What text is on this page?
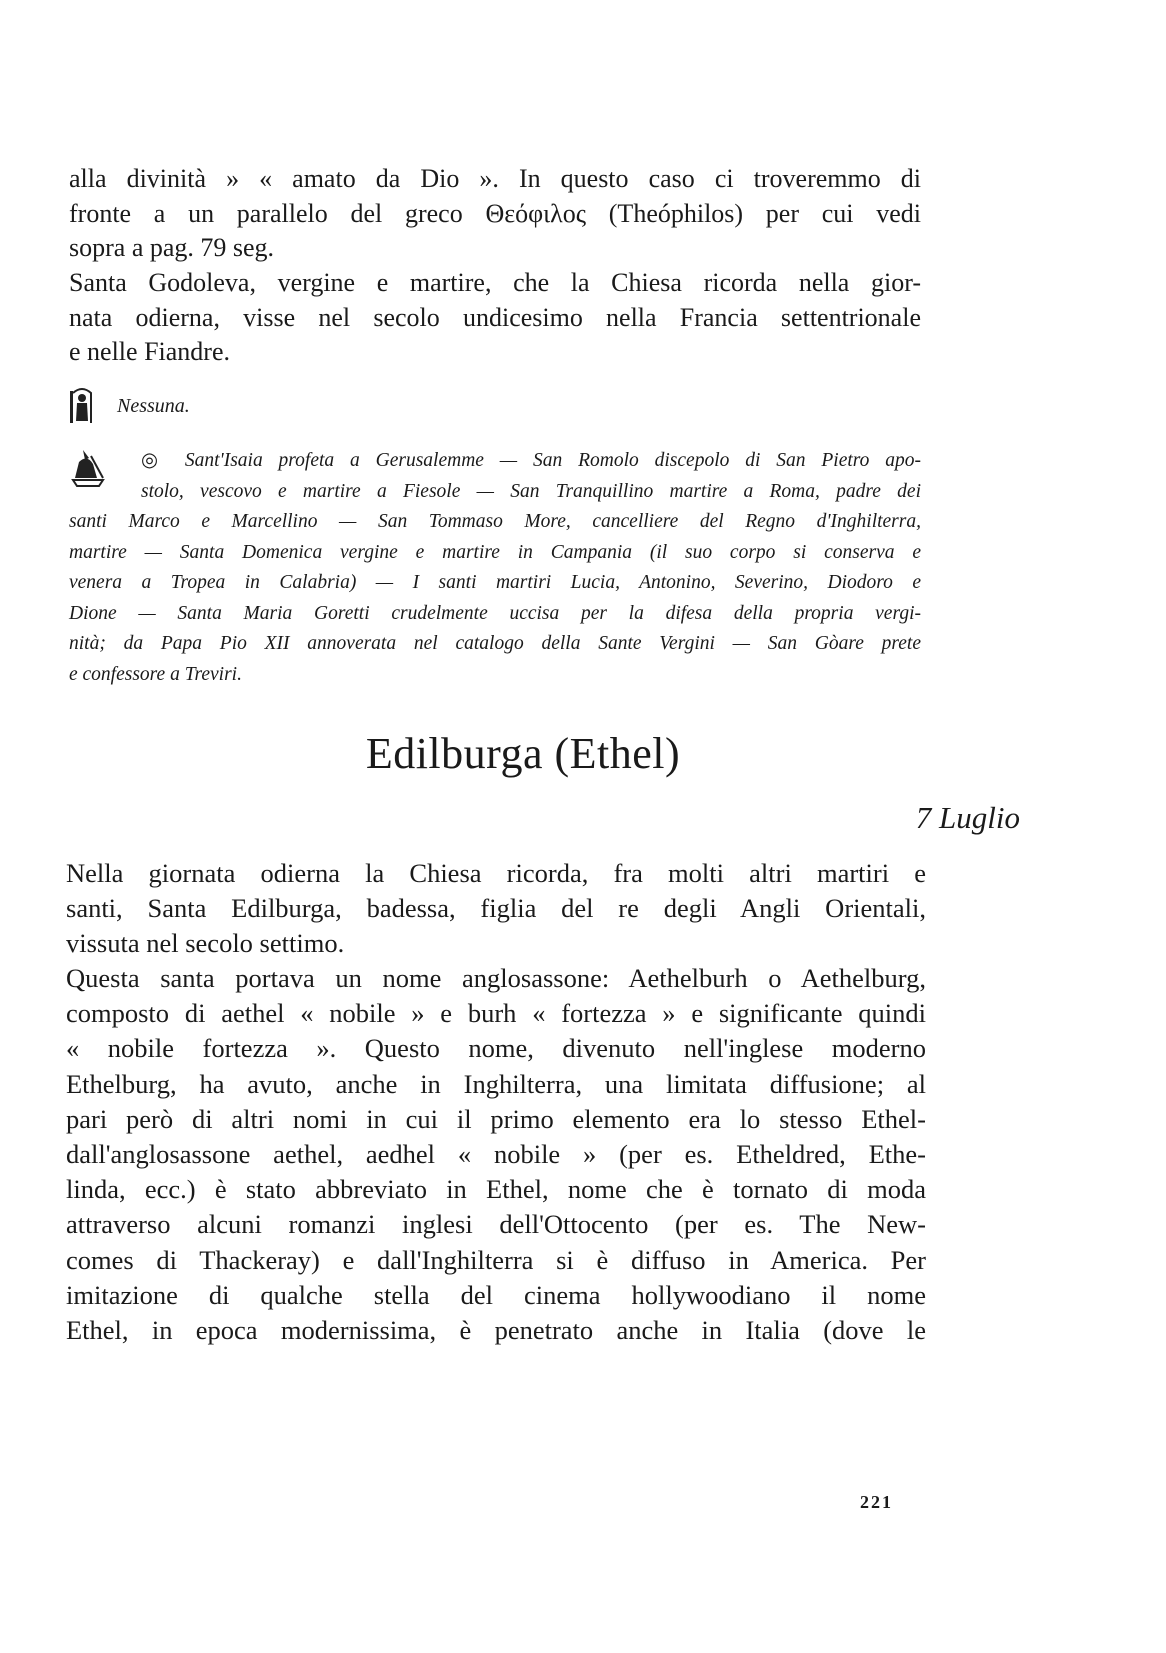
alla divinità » « amato da Dio ». In questo caso ci troveremmo di
fronte a un parallelo del greco Θεόφιλος (Theóphilos) per cui vedi
sopra a pag. 79 seg.

Santa Godoleva, vergine e martire, che la Chiesa ricorda nella gior-
nata odierna, visse nel secolo undicesimo nella Francia settentrionale
e nelle Fiandre.

Nessuna.
◎ Sant'Isaia profeta a Gerusalemme — San Romolo discepolo di San Pietro apo-
stolo, vescovo e martire a Fiesole — San Tranquillino martire a Roma, padre dei
santi Marco e Marcellino — San Tommaso More, cancelliere del Regno d'Inghilterra,
martire — Santa Domenica vergine e martire in Campania (il suo corpo si conserva e
venera a Tropea in Calabria) — I santi martiri Lucia, Antonino, Severino, Diodoro e
Dione — Santa Maria Goretti crudelmente uccisa per la difesa della propria vergi-
nità; da Papa Pio XII annoverata nel catalogo della Sante Vergini — San Gòare prete
e confessore a Treviri.
Edilburga (Ethel)
7 Luglio

Nella giornata odierna la Chiesa ricorda, fra molti altri martiri e
santi, Santa Edilburga, badessa, figlia del re degli Angli Orientali,
vissuta nel secolo settimo.

Questa santa portava un nome anglosassone: Aethelburh o Aethelburg,
composto di aethel « nobile » e burh « fortezza » e significante quindi
« nobile fortezza ». Questo nome, divenuto nell'inglese moderno
Ethelburg, ha avuto, anche in Inghilterra, una limitata diffusione; al
pari però di altri nomi in cui il primo elemento era lo stesso Ethel-
dall'anglosassone aethel, aedhel « nobile » (per es. Etheldred, Ethe-
linda, ecc.) è stato abbreviato in Ethel, nome che è tornato di moda
attraverso alcuni romanzi inglesi dell'Ottocento (per es. The New-
comes di Thackeray) e dall'Inghilterra si è diffuso in America. Per
imitazione di qualche stella del cinema hollywoodiano il nome
Ethel, in epoca modernissima, è penetrato anche in Italia (dove le

221
